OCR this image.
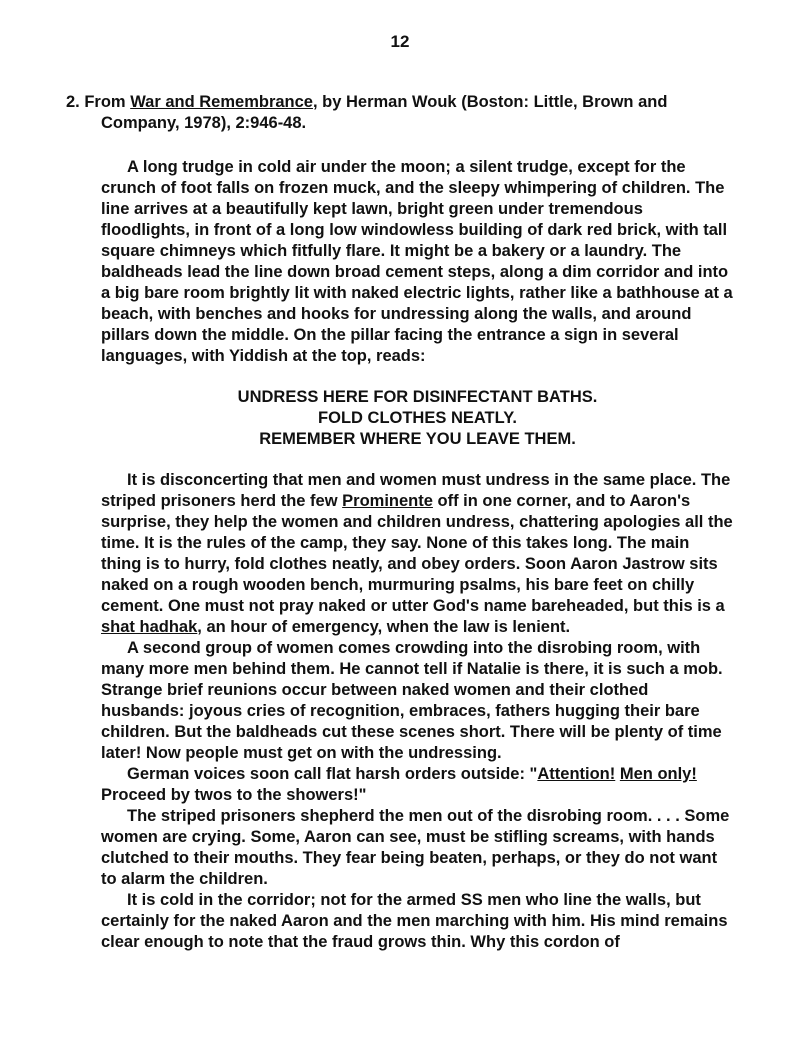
12

2. From War and Remembrance, by Herman Wouk (Boston: Little, Brown and Company, 1978), 2:946-48.

A long trudge in cold air under the moon; a silent trudge, except for the crunch of foot falls on frozen muck, and the sleepy whimpering of children. The line arrives at a beautifully kept lawn, bright green under tremendous floodlights, in front of a long low windowless building of dark red brick, with tall square chimneys which fitfully flare. It might be a bakery or a laundry. The baldheads lead the line down broad cement steps, along a dim corridor and into a big bare room brightly lit with naked electric lights, rather like a bathhouse at a beach, with benches and hooks for undressing along the walls, and around pillars down the middle. On the pillar facing the entrance a sign in several languages, with Yiddish at the top, reads:

UNDRESS HERE FOR DISINFECTANT BATHS.
FOLD CLOTHES NEATLY.
REMEMBER WHERE YOU LEAVE THEM.

It is disconcerting that men and women must undress in the same place. The striped prisoners herd the few Prominente off in one corner, and to Aaron's surprise, they help the women and children undress, chattering apologies all the time. It is the rules of the camp, they say. None of this takes long. The main thing is to hurry, fold clothes neatly, and obey orders. Soon Aaron Jastrow sits naked on a rough wooden bench, murmuring psalms, his bare feet on chilly cement. One must not pray naked or utter God's name bareheaded, but this is a shat hadhak, an hour of emergency, when the law is lenient.

A second group of women comes crowding into the disrobing room, with many more men behind them. He cannot tell if Natalie is there, it is such a mob. Strange brief reunions occur between naked women and their clothed husbands: joyous cries of recognition, embraces, fathers hugging their bare children. But the baldheads cut these scenes short. There will be plenty of time later! Now people must get on with the undressing.

German voices soon call flat harsh orders outside: "Attention! Men only! Proceed by twos to the showers!"

The striped prisoners shepherd the men out of the disrobing room. . . . Some women are crying. Some, Aaron can see, must be stifling screams, with hands clutched to their mouths. They fear being beaten, perhaps, or they do not want to alarm the children.

It is cold in the corridor; not for the armed SS men who line the walls, but certainly for the naked Aaron and the men marching with him. His mind remains clear enough to note that the fraud grows thin. Why this cordon of
